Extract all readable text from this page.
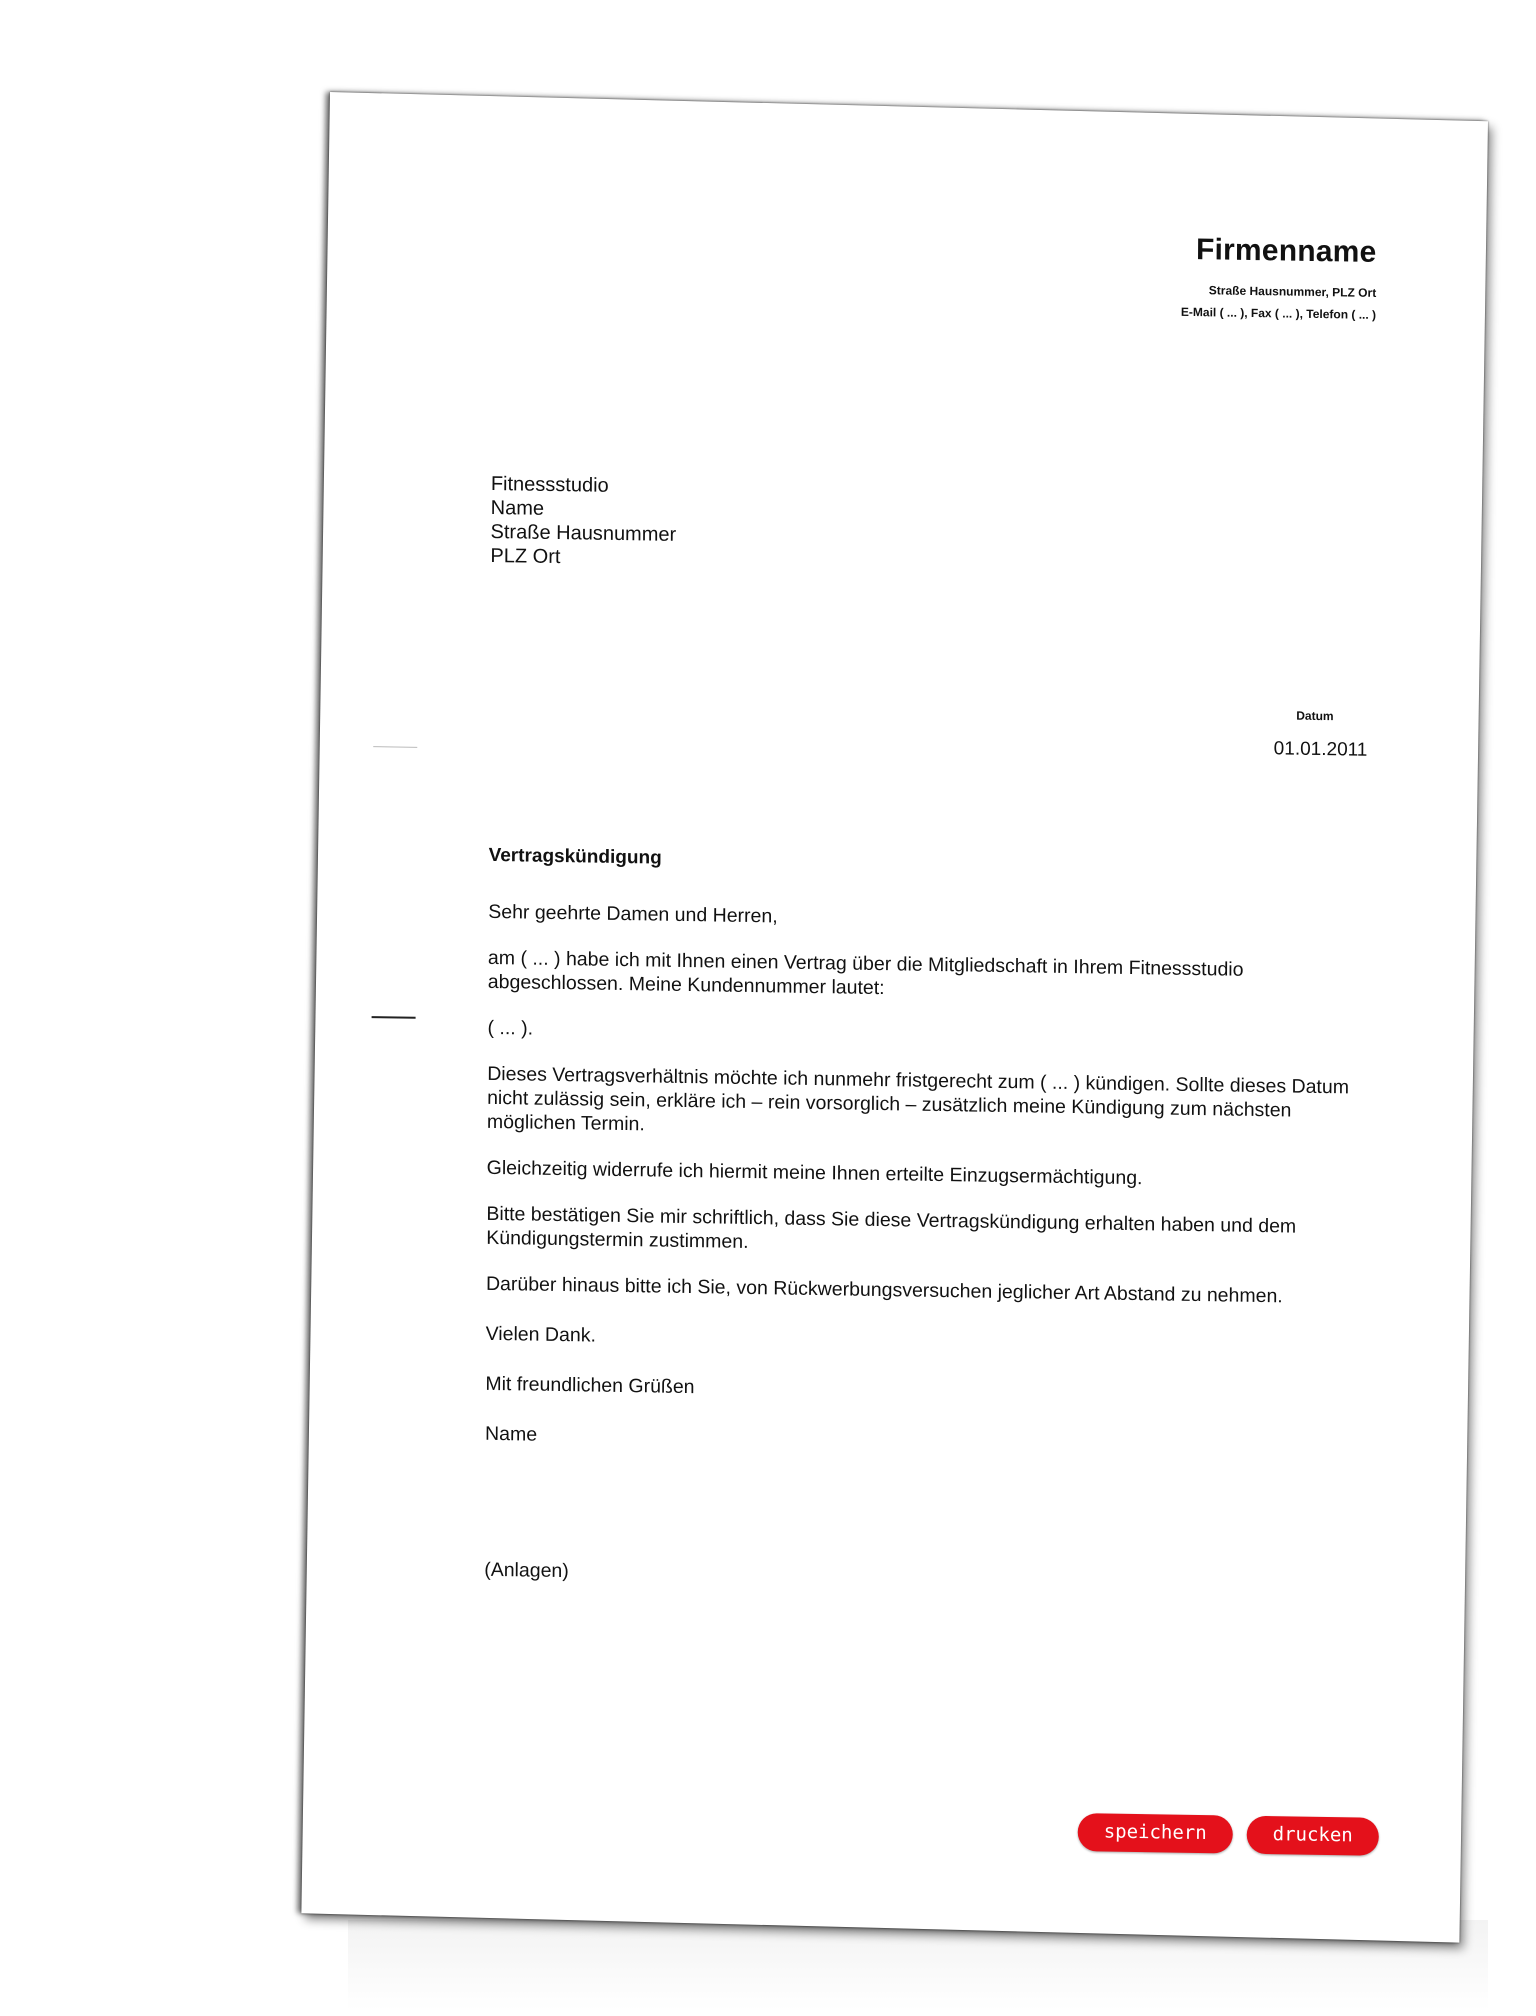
Firmenname
Straße Hausnummer, PLZ Ort
E-Mail ( ... ), Fax ( ... ), Telefon ( ... )
Fitnessstudio
Name
Straße Hausnummer
PLZ Ort
Datum
01.01.2011
Vertragskündigung

Sehr geehrte Damen und Herren,

am ( ... ) habe ich mit Ihnen einen Vertrag über die Mitgliedschaft in Ihrem Fitnessstudio abgeschlossen. Meine Kundennummer lautet:

( ... ).

Dieses Vertragsverhältnis möchte ich nunmehr fristgerecht zum ( ... ) kündigen. Sollte dieses Datum nicht zulässig sein, erkläre ich – rein vorsorglich – zusätzlich meine Kündigung zum nächsten möglichen Termin.

Gleichzeitig widerrufe ich hiermit meine Ihnen erteilte Einzugsermächtigung.

Bitte bestätigen Sie mir schriftlich, dass Sie diese Vertragskündigung erhalten haben und dem Kündigungstermin zustimmen.

Darüber hinaus bitte ich Sie, von Rückwerbungsversuchen jeglicher Art Abstand zu nehmen.

Vielen Dank.

Mit freundlichen Grüßen

Name

(Anlagen)

speichern	drucken
